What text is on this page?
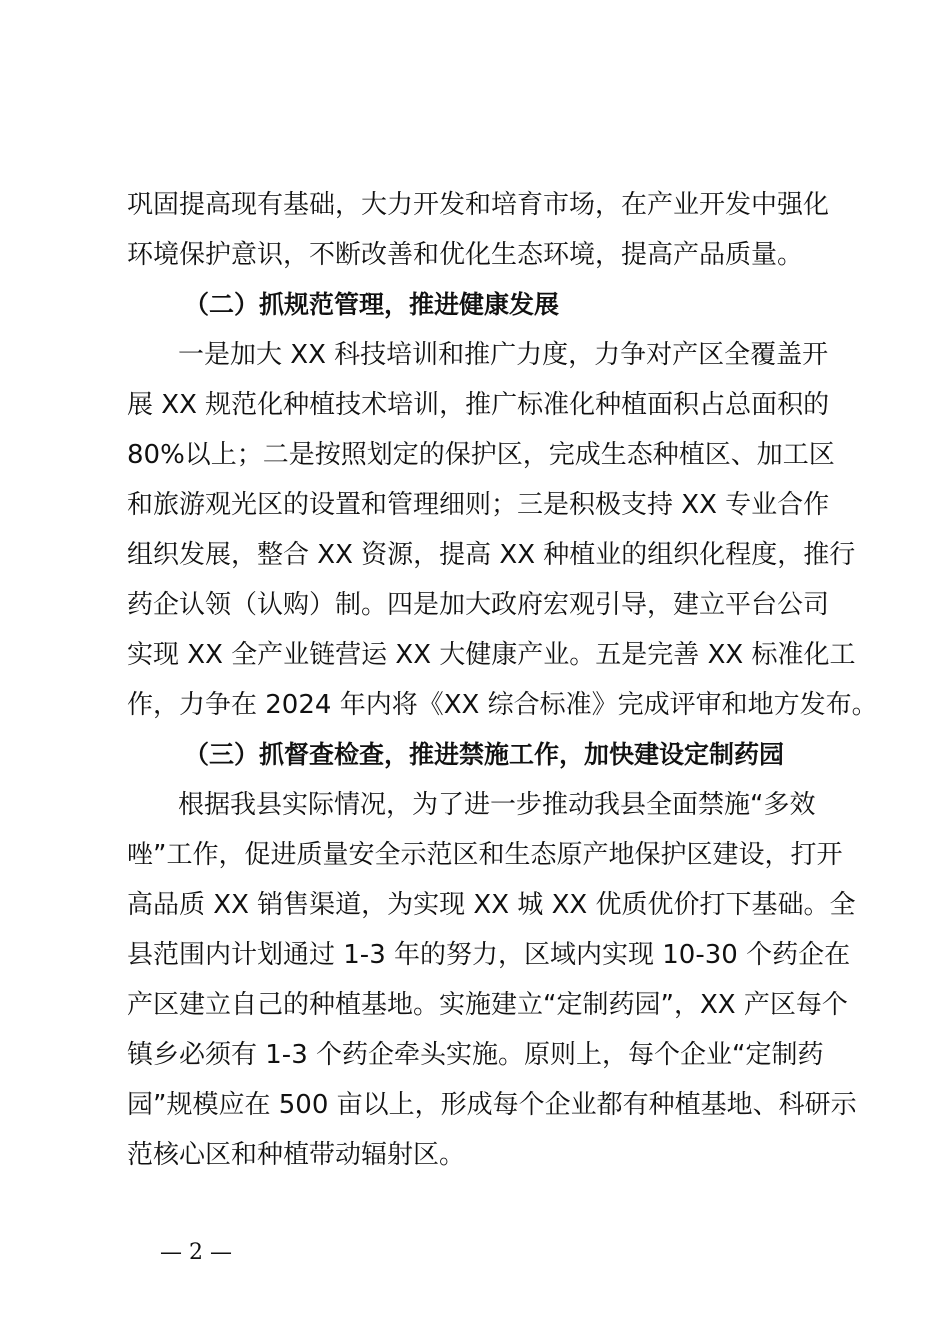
巩固提高现有基础，大力开发和培育市场，在产业开发中强化
环境保护意识，不断改善和优化生态环境，提高产品质量。
（二）抓规范管理，推进健康发展
一是加大 XX 科技培训和推广力度，力争对产区全覆盖开
展 XX 规范化种植技术培训，推广标准化种植面积占总面积的
80%以上；二是按照划定的保护区，完成生态种植区、加工区
和旅游观光区的设置和管理细则；三是积极支持 XX 专业合作
组织发展，整合 XX 资源，提高 XX 种植业的组织化程度，推行
药企认领（认购）制。四是加大政府宏观引导，建立平台公司
实现 XX 全产业链营运 XX 大健康产业。五是完善 XX 标准化工
作，力争在 2024 年内将《XX 综合标准》完成评审和地方发布。
（三）抓督查检查，推进禁施工作，加快建设定制药园
根据我县实际情况，为了进一步推动我县全面禁施“多效
唑”工作，促进质量安全示范区和生态原产地保护区建设，打开
高品质 XX 销售渠道，为实现 XX 城 XX 优质优价打下基础。全
县范围内计划通过 1-3 年的努力，区域内实现 10-30 个药企在
产区建立自己的种植基地。实施建立“定制药园”，XX 产区每个
镇乡必须有 1-3 个药企牵头实施。原则上，每个企业“定制药
园”规模应在 500 亩以上，形成每个企业都有种植基地、科研示
范核心区和种植带动辐射区。
— 2 —
